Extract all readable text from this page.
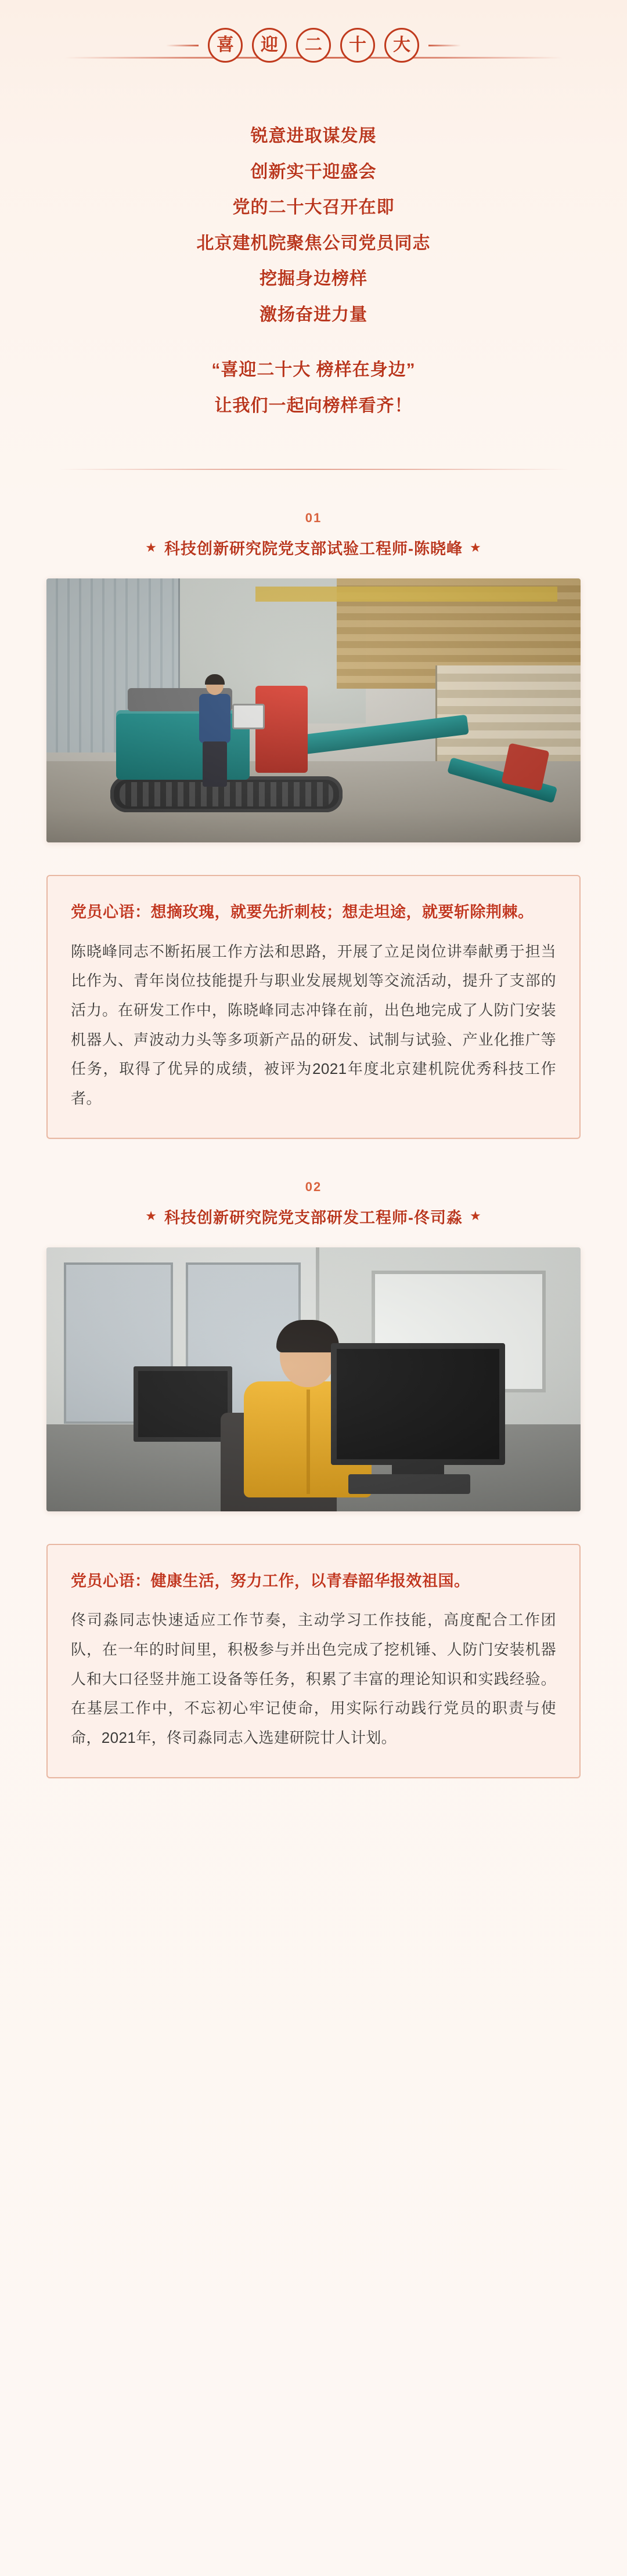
喜	迎	二	十	大
锐意进取谋发展
创新实干迎盛会
党的二十大召开在即
北京建机院聚焦公司党员同志
挖掘身边榜样
激扬奋进力量
“喜迎二十大 榜样在身边”
让我们一起向榜样看齐！
01
★ 科技创新研究院党支部试验工程师-陈晓峰 ★
党员心语：想摘玫瑰，就要先折刺枝；想走坦途，就要斩除荆棘。
陈晓峰同志不断拓展工作方法和思路，开展了立足岗位讲奉献勇于担当比作为、青年岗位技能提升与职业发展规划等交流活动，提升了支部的活力。在研发工作中，陈晓峰同志冲锋在前，出色地完成了人防门安装机器人、声波动力头等多项新产品的研发、试制与试验、产业化推广等任务，取得了优异的成绩，被评为2021年度北京建机院优秀科技工作者。
02
★ 科技创新研究院党支部研发工程师-佟司淼 ★
党员心语：健康生活，努力工作，以青春韶华报效祖国。
佟司淼同志快速适应工作节奏，主动学习工作技能，高度配合工作团队，在一年的时间里，积极参与并出色完成了挖机锤、人防门安装机器人和大口径竖井施工设备等任务，积累了丰富的理论知识和实践经验。在基层工作中，不忘初心牢记使命，用实际行动践行党员的职责与使命，2021年，佟司淼同志入选建研院廿人计划。
